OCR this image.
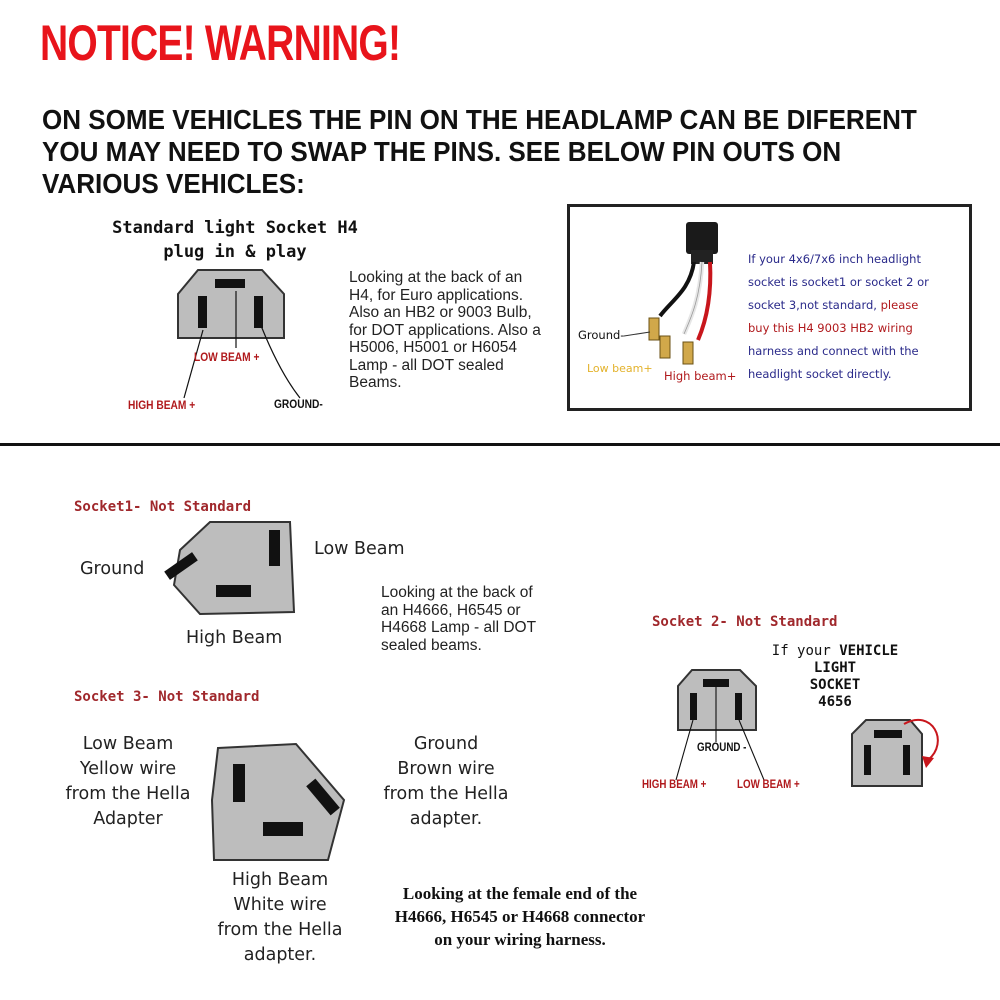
NOTICE! WARNING!
ON SOME VEHICLES THE PIN ON THE HEADLAMP CAN BE DIFERENT
YOU MAY NEED TO SWAP THE PINS. SEE BELOW PIN OUTS ON
VARIOUS VEHICLES:
Standard light Socket H4
plug in & play
LOW BEAM +
HIGH BEAM +	GROUND-
Looking at the back of an
H4, for Euro applications.
Also an HB2 or 9003 Bulb,
for DOT applications. Also a
H5006, H5001 or H6054
Lamp - all DOT sealed
Beams.
Ground-
Low beam+
High beam+
If your 4x6/7x6 inch headlight
socket is socket1 or socket 2 or
socket 3,not standard, please
buy this H4 9003 HB2 wiring
harness and connect with the
headlight socket directly.
Socket1- Not Standard
Ground
Low Beam
High Beam
Looking at the back of
an H4666, H6545 or
H4668 Lamp - all DOT
sealed beams.
Socket 2- Not Standard
If your VEHICLE
LIGHT
SOCKET
4656
GROUND -
HIGH BEAM +	LOW BEAM +
Socket 3- Not Standard
Low Beam
Yellow wire
from the Hella
Adapter
Ground
Brown wire
from the Hella
adapter.
High Beam
White wire
from the Hella
adapter.
Looking at the female end of the
H4666, H6545 or H4668 connector
on your wiring harness.
